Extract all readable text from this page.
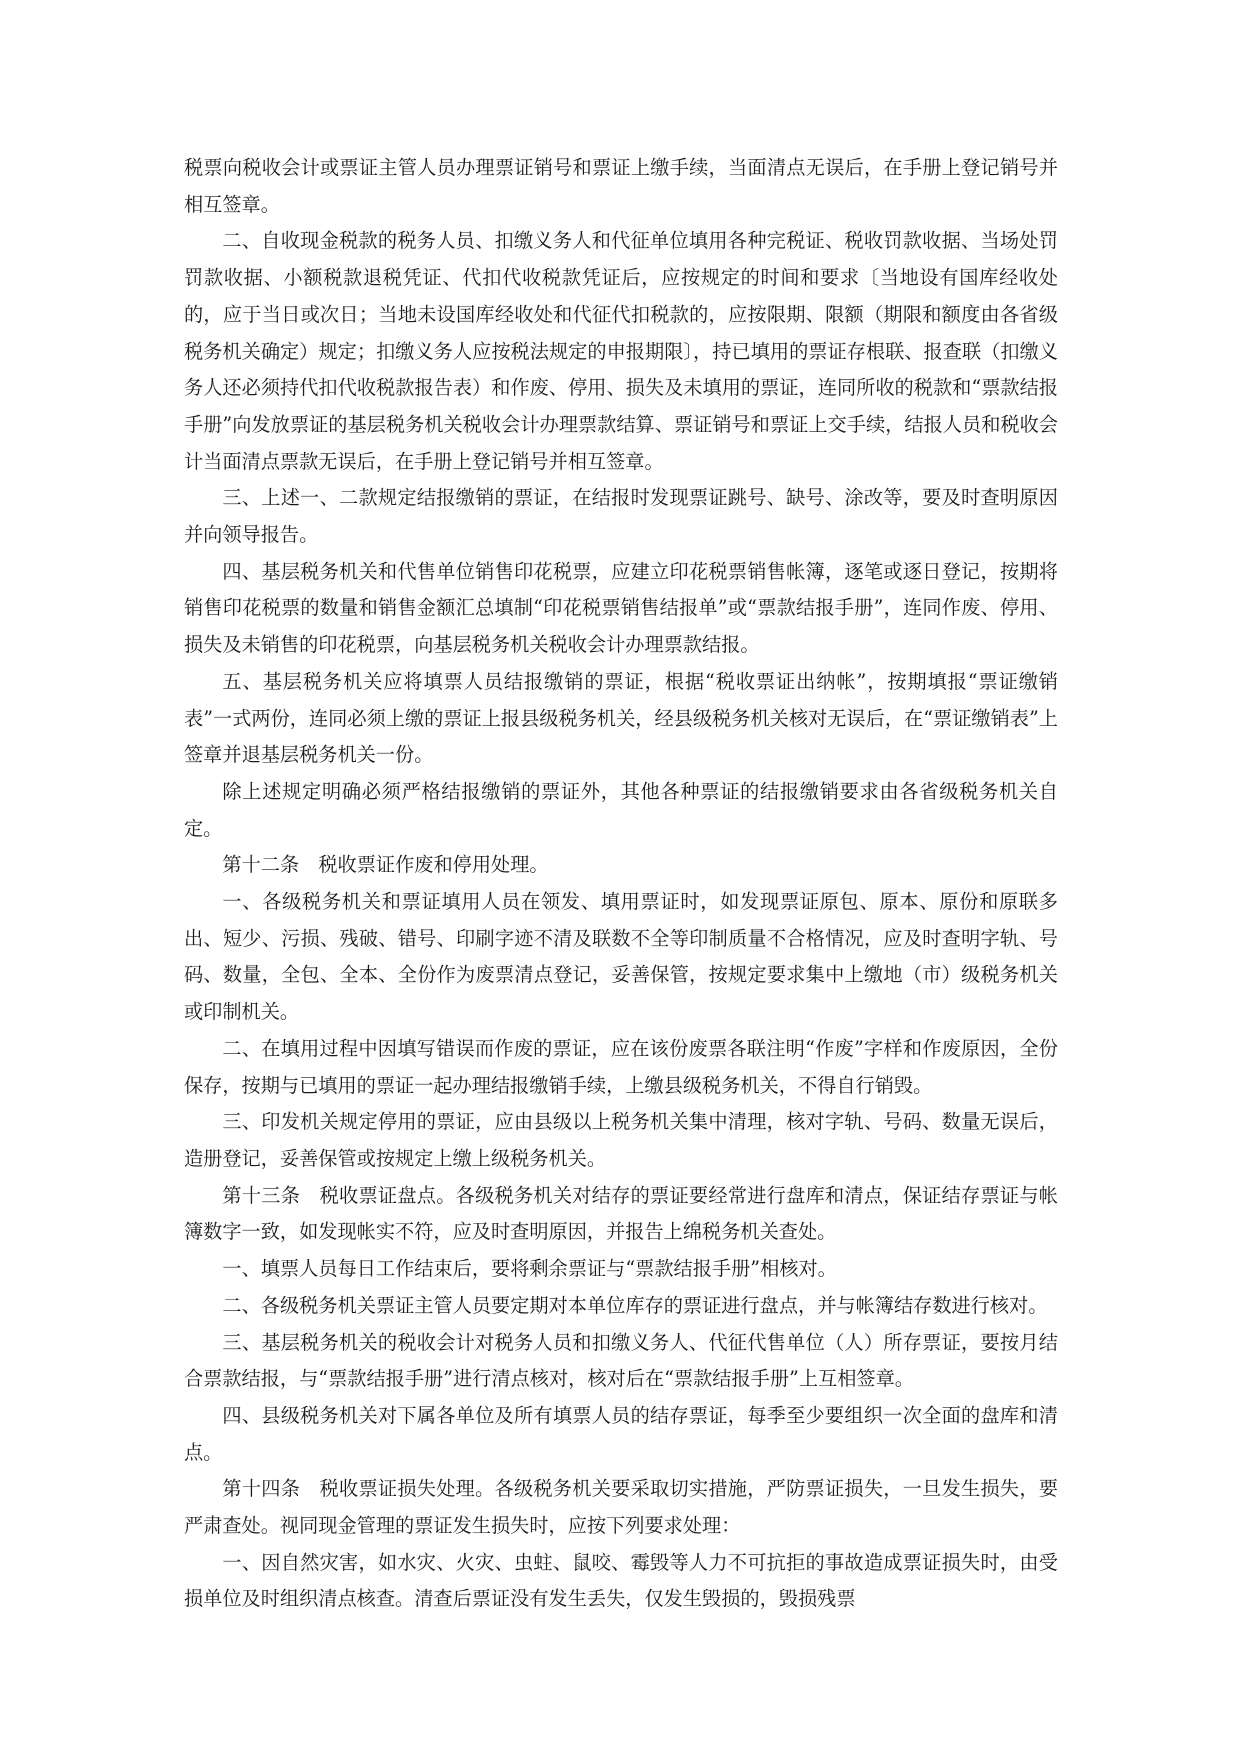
税票向税收会计或票证主管人员办理票证销号和票证上缴手续，当面清点无误后，在手册上登记销号并相互签章。

二、自收现金税款的税务人员、扣缴义务人和代征单位填用各种完税证、税收罚款收据、当场处罚罚款收据、小额税款退税凭证、代扣代收税款凭证后，应按规定的时间和要求〔当地设有国库经收处的，应于当日或次日；当地未设国库经收处和代征代扣税款的，应按限期、限额（期限和额度由各省级税务机关确定）规定；扣缴义务人应按税法规定的申报期限〕，持已填用的票证存根联、报查联（扣缴义务人还必须持代扣代收税款报告表）和作废、停用、损失及未填用的票证，连同所收的税款和“票款结报手册”向发放票证的基层税务机关税收会计办理票款结算、票证销号和票证上交手续，结报人员和税收会计当面清点票款无误后，在手册上登记销号并相互签章。

三、上述一、二款规定结报缴销的票证，在结报时发现票证跳号、缺号、涂改等，要及时查明原因并向领导报告。

四、基层税务机关和代售单位销售印花税票，应建立印花税票销售帐簿，逐笔或逐日登记，按期将销售印花税票的数量和销售金额汇总填制“印花税票销售结报单”或“票款结报手册”，连同作废、停用、损失及未销售的印花税票，向基层税务机关税收会计办理票款结报。

五、基层税务机关应将填票人员结报缴销的票证，根据“税收票证出纳帐”，按期填报“票证缴销表”一式两份，连同必须上缴的票证上报县级税务机关，经县级税务机关核对无误后，在“票证缴销表”上签章并退基层税务机关一份。

除上述规定明确必须严格结报缴销的票证外，其他各种票证的结报缴销要求由各省级税务机关自定。

第十二条　税收票证作废和停用处理。

一、各级税务机关和票证填用人员在领发、填用票证时，如发现票证原包、原本、原份和原联多出、短少、污损、残破、错号、印刷字迹不清及联数不全等印制质量不合格情况，应及时查明字轨、号码、数量，全包、全本、全份作为废票清点登记，妥善保管，按规定要求集中上缴地（市）级税务机关或印制机关。

二、在填用过程中因填写错误而作废的票证，应在该份废票各联注明“作废”字样和作废原因，全份保存，按期与已填用的票证一起办理结报缴销手续，上缴县级税务机关，不得自行销毁。

三、印发机关规定停用的票证，应由县级以上税务机关集中清理，核对字轨、号码、数量无误后，造册登记，妥善保管或按规定上缴上级税务机关。

第十三条　税收票证盘点。各级税务机关对结存的票证要经常进行盘库和清点，保证结存票证与帐簿数字一致，如发现帐实不符，应及时查明原因，并报告上绵税务机关查处。

一、填票人员每日工作结束后，要将剩余票证与“票款结报手册”相核对。

二、各级税务机关票证主管人员要定期对本单位库存的票证进行盘点，并与帐簿结存数进行核对。

三、基层税务机关的税收会计对税务人员和扣缴义务人、代征代售单位（人）所存票证，要按月结合票款结报，与“票款结报手册”进行清点核对，核对后在“票款结报手册”上互相签章。

四、县级税务机关对下属各单位及所有填票人员的结存票证，每季至少要组织一次全面的盘库和清点。

第十四条　税收票证损失处理。各级税务机关要采取切实措施，严防票证损失，一旦发生损失，要严肃查处。视同现金管理的票证发生损失时，应按下列要求处理：

一、因自然灾害，如水灾、火灾、虫蛀、鼠咬、霉毁等人力不可抗拒的事故造成票证损失时，由受损单位及时组织清点核查。清查后票证没有发生丢失，仅发生毁损的，毁损残票
